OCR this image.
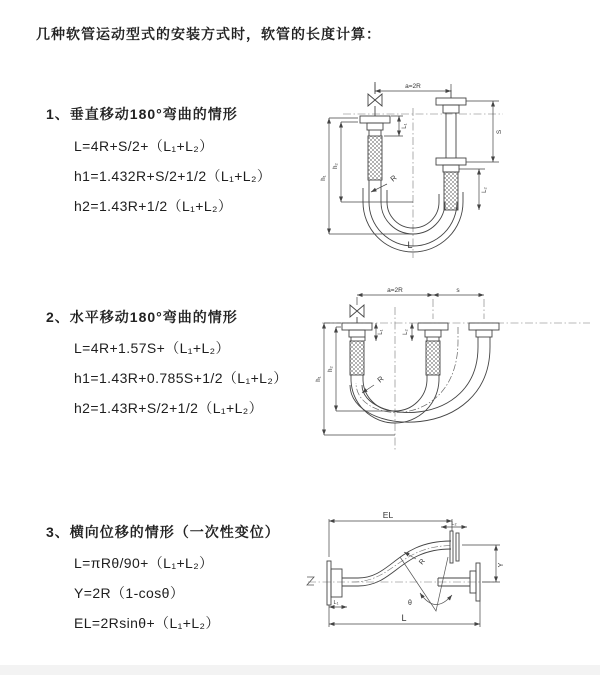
几种软管运动型式的安装方式时，软管的长度计算：
1、垂直移动180°弯曲的情形
L=4R+S/2+（L₁+L₂）
h1=1.432R+S/2+1/2（L₁+L₂）
h2=1.43R+1/2（L₁+L₂）
a=2R
S
L₂
L₁
h₁
h₂
R
L
2、水平移动180°弯曲的情形
L=4R+1.57S+（L₁+L₂）
h1=1.43R+0.785S+1/2（L₁+L₂）
h2=1.43R+S/2+1/2（L₁+L₂）
a=2R	s
L₁	L₂
h₁
h₂
R
3、横向位移的情形（一次性变位）
L=πRθ/90+（L₁+L₂）
Y=2R（1-cosθ）
EL=2Rsinθ+（L₁+L₂）
EL
L₂
Y
R
θ
L
L₁
